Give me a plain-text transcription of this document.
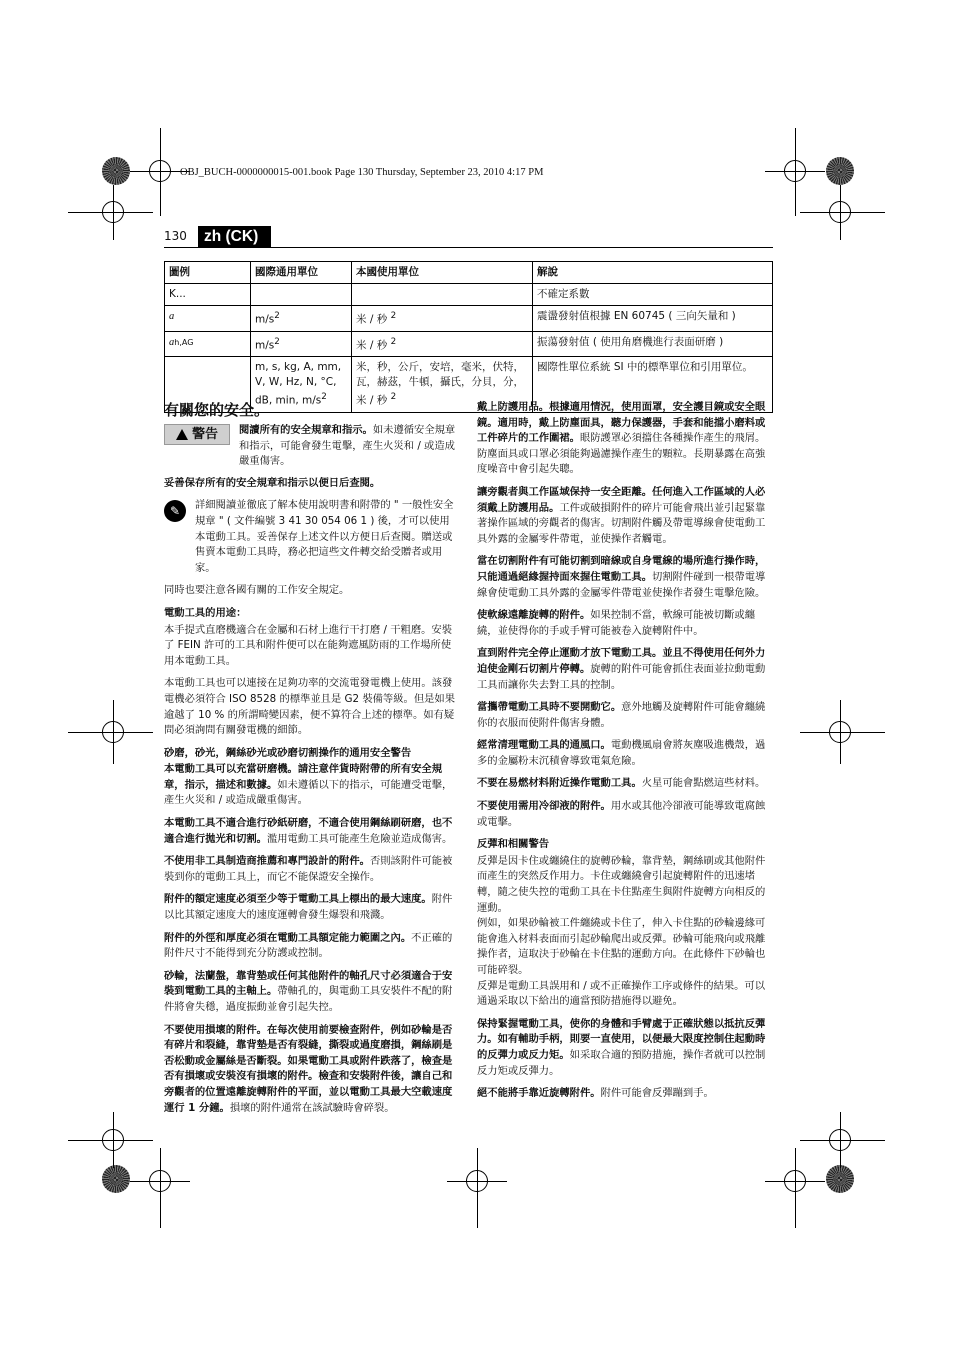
OBJ_BUCH-0000000015-001.book Page 130 Thursday, September 23, 2010 4:17 PM
130	zh (CK)
圖例	國際通用單位	本國使用單位	解說
K...			不確定系數
a	$m/s^2$	米 / 秒 $^2$	震盪發射值根據 EN 60745 ( 三向矢量和 )
ah,AG	$m/s^2$	米 / 秒 $^2$	振蕩發射值 ( 使用角磨機進行表面研磨 )
	m, s, kg, A, mm, V, W, Hz, N, °C, dB, min, $m/s^2$	米，秒，公斤，安培，毫米，伏特，瓦，赫茲，牛頓，攝氏，分貝，分，米 / 秒 $^2$	國際性單位系統 SI 中的標準單位和引用單位。
有關您的安全。
警告 閱讀所有的安全規章和指示。如未遵循安全規章和指示，可能會發生電擊，產生火災和 / 或造成嚴重傷害。

妥善保存所有的安全規章和指示以便日后查閱。

✎	詳細閱讀並徹底了解本使用說明書和附帶的 " 一般性安全規章 " ( 文件編號 3 41 30 054 06 1 ) 後，才可以使用本電動工具。妥善保存上述文件以方便日后查閱。贈送或售賣本電動工具時，務必把這些文件轉交給受贈者或用家。

同時也要注意各國有關的工作安全規定。

電動工具的用途：

本手提式直磨機適合在金屬和石材上進行干打磨 / 干粗磨。安裝了 FEIN 許可的工具和附件便可以在能夠遮風防雨的工作場所使用本電動工具。

本電動工具也可以連接在足夠功率的交流電發電機上使用。該發電機必須符合 ISO 8528 的標準並且是 G2 裝備等級。但是如果逾越了 10 % 的所謂畸變因素，便不算符合上述的標準。如有疑問必須詢問有關發電機的細節。

砂磨，砂光，鋼絲砂光或砂磨切割操作的通用安全警告

本電動工具可以充當研磨機。請注意伴貨時附帶的所有安全規章，指示，描述和數據。如未遵循以下的指示，可能遭受電擊，產生火災和 / 或造成嚴重傷害。

本電動工具不適合進行砂紙研磨，不適合使用鋼絲刷研磨，也不適合進行拋光和切割。濫用電動工具可能產生危險並造成傷害。

不使用非工具制造商推薦和專門設計的附件。否則該附件可能被裝到你的電動工具上，而它不能保證安全操作。

附件的額定速度必須至少等于電動工具上標出的最大速度。附件以比其額定速度大的速度運轉會發生爆裂和飛濺。

附件的外徑和厚度必須在電動工具額定能力範圍之內。不正確的附件尺寸不能得到充分防護或控制。

砂輪，法蘭盤，靠背墊或任何其他附件的軸孔尺寸必須適合于安裝到電動工具的主軸上。帶軸孔的，與電動工具安裝件不配的附件將會失穩，過度振動並會引起失控。

不要使用損壞的附件。在每次使用前要檢查附件，例如砂輪是否有碎片和裂縫，靠背墊是否有裂縫，撕裂或過度磨損，鋼絲刷是否松動或金屬絲是否斷裂。如果電動工具或附件跌落了，檢查是否有損壞或安裝沒有損壞的附件。檢查和安裝附件後，讓自己和旁觀者的位置遠離旋轉附件的平面，並以電動工具最大空載速度運行 1 分鐘。損壞的附件通常在該試驗時會碎裂。

戴上防護用品。根據適用情況，使用面罩，安全護目鏡或安全眼鏡。適用時，戴上防塵面具，聽力保護器，手套和能擋小磨料或工件碎片的工作圍裙。眼防護罩必須擋住各種操作產生的飛屑。防塵面具或口罩必須能夠過濾操作產生的顆粒。長期暴露在高強度噪音中會引起失聰。

讓旁觀者與工作區域保持一安全距離。任何進入工作區域的人必須戴上防護用品。工件或破損附件的碎片可能會飛出並引起緊靠著操作區域的旁觀者的傷害。切割附件觸及帶電導線會使電動工具外露的金屬零件帶電，並使操作者觸電。

當在切割附件有可能切割到暗線或自身電線的場所進行操作時，只能通過絕緣握持面來握住電動工具。切割附件碰到一根帶電導線會使電動工具外露的金屬零件帶電並使操作者發生電擊危險。

使軟線遠離旋轉的附件。如果控制不當，軟線可能被切斷或纏繞，並使得你的手或手臂可能被卷入旋轉附件中。

直到附件完全停止運動才放下電動工具。並且不得使用任何外力迫使金剛石切割片停轉。旋轉的附件可能會抓住表面並拉動電動工具而讓你失去對工具的控制。

當攜帶電動工具時不要開動它。意外地觸及旋轉附件可能會纏繞你的衣服而使附件傷害身體。

經常清理電動工具的通風口。電動機風扇會將灰塵吸進機殼，過多的金屬粉末沉積會導致電氣危險。

不要在易燃材料附近操作電動工具。火星可能會點燃這些材料。

不要使用需用冷卻液的附件。用水或其他冷卻液可能導致電腐蝕或電擊。

反彈和相關警告

反彈是因卡住或纏繞住的旋轉砂輪，靠背墊，鋼絲刷或其他附件而產生的突然反作用力。卡住或纏繞會引起旋轉附件的迅速堵轉，隨之使失控的電動工具在卡住點產生與附件旋轉方向相反的運動。

例如，如果砂輪被工件纏繞或卡住了，伸入卡住點的砂輪邊緣可能會進入材料表面而引起砂輪爬出或反彈。砂輪可能飛向或飛離操作者，這取決于砂輪在卡住點的運動方向。在此條件下砂輪也可能碎裂。

反彈是電動工具誤用和 / 或不正確操作工序或條件的結果。可以通過采取以下給出的適當預防措施得以避免。

保持緊握電動工具，使你的身體和手臂處于正確狀態以抵抗反彈力。如有輔助手柄，則要一直使用，以便最大限度控制住起動時的反彈力或反力矩。如采取合適的預防措施，操作者就可以控制反力矩或反彈力。

絕不能將手靠近旋轉附件。附件可能會反彈蹦到手。
